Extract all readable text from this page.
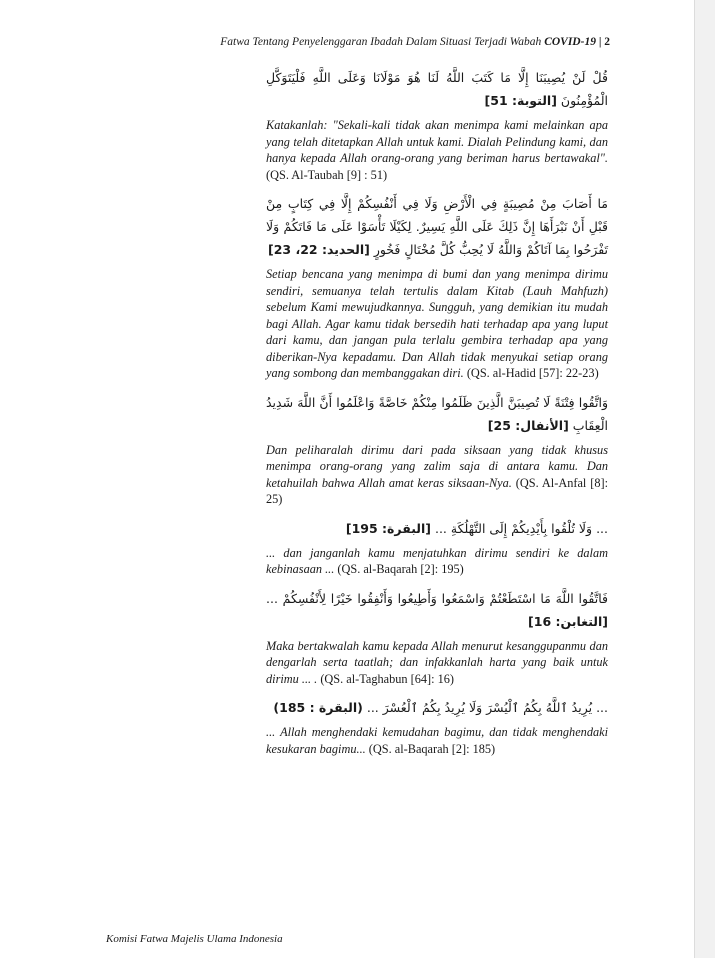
Fatwa Tentang Penyelenggaran Ibadah Dalam Situasi Terjadi Wabah COVID-19 | 2

قُلْ لَنْ يُصِيبَنَا إِلَّا مَا كَتَبَ اللَّهُ لَنَا هُوَ مَوْلَانَا وَعَلَى اللَّهِ فَلْيَتَوَكَّلِ الْمُؤْمِنُونَ [التوبة: 51]

Katakanlah: "Sekali-kali tidak akan menimpa kami melainkan apa yang telah ditetapkan Allah untuk kami. Dialah Pelindung kami, dan hanya kepada Allah orang-orang yang beriman harus bertawakal". (QS. Al-Taubah [9] : 51)

مَا أَصَابَ مِنْ مُصِيبَةٍ فِي الْأَرْضِ وَلَا فِي أَنْفُسِكُمْ إِلَّا فِي كِتَابٍ مِنْ قَبْلِ أَنْ نَبْرَأَهَا إِنَّ ذَلِكَ عَلَى اللَّهِ يَسِيرٌ. لِكَيْلَا تَأْسَوْا عَلَى مَا فَاتَكُمْ وَلَا تَفْرَحُوا بِمَا آتَاكُمْ وَاللَّهُ لَا يُحِبُّ كُلَّ مُخْتَالٍ فَخُورٍ [الحديد: 22، 23]

Setiap bencana yang menimpa di bumi dan yang menimpa dirimu sendiri, semuanya telah tertulis dalam Kitab (Lauh Mahfuzh) sebelum Kami mewujudkannya. Sungguh, yang demikian itu mudah bagi Allah. Agar kamu tidak bersedih hati terhadap apa yang luput dari kamu, dan jangan pula terlalu gembira terhadap apa yang diberikan-Nya kepadamu. Dan Allah tidak menyukai setiap orang yang sombong dan membanggakan diri. (QS. al-Hadid [57]: 22-23)

وَاتَّقُوا فِتْنَةً لَا تُصِيبَنَّ الَّذِينَ ظَلَمُوا مِنْكُمْ خَاصَّةً وَاعْلَمُوا أَنَّ اللَّهَ شَدِيدُ الْعِقَابِ [الأنفال: 25]

Dan peliharalah dirimu dari pada siksaan yang tidak khusus menimpa orang-orang yang zalim saja di antara kamu. Dan ketahuilah bahwa Allah amat keras siksaan-Nya. (QS. Al-Anfal [8]: 25)

... وَلَا تُلْقُوا بِأَيْدِيكُمْ إِلَى التَّهْلُكَةِ ... [البقرة: 195]

... dan janganlah kamu menjatuhkan dirimu sendiri ke dalam kebinasaan ... (QS. al-Baqarah [2]: 195)

فَاتَّقُوا اللَّهَ مَا اسْتَطَعْتُمْ وَاسْمَعُوا وَأَطِيعُوا وَأَنْفِقُوا خَيْرًا لِأَنْفُسِكُمْ ... [التغابن: 16]

Maka bertakwalah kamu kepada Allah menurut kesanggupanmu dan dengarlah serta taatlah; dan infakkanlah harta yang baik untuk dirimu ... . (QS. al-Taghabun [64]: 16)

... يُرِيدُ ٱللَّهُ بِكُمُ ٱلْيُسْرَ وَلَا يُرِيدُ بِكُمُ ٱلْعُسْرَ ... (البقرة : 185)

... Allah menghendaki kemudahan bagimu, dan tidak menghendaki kesukaran bagimu... (QS. al-Baqarah [2]: 185)

Komisi Fatwa Majelis Ulama Indonesia
